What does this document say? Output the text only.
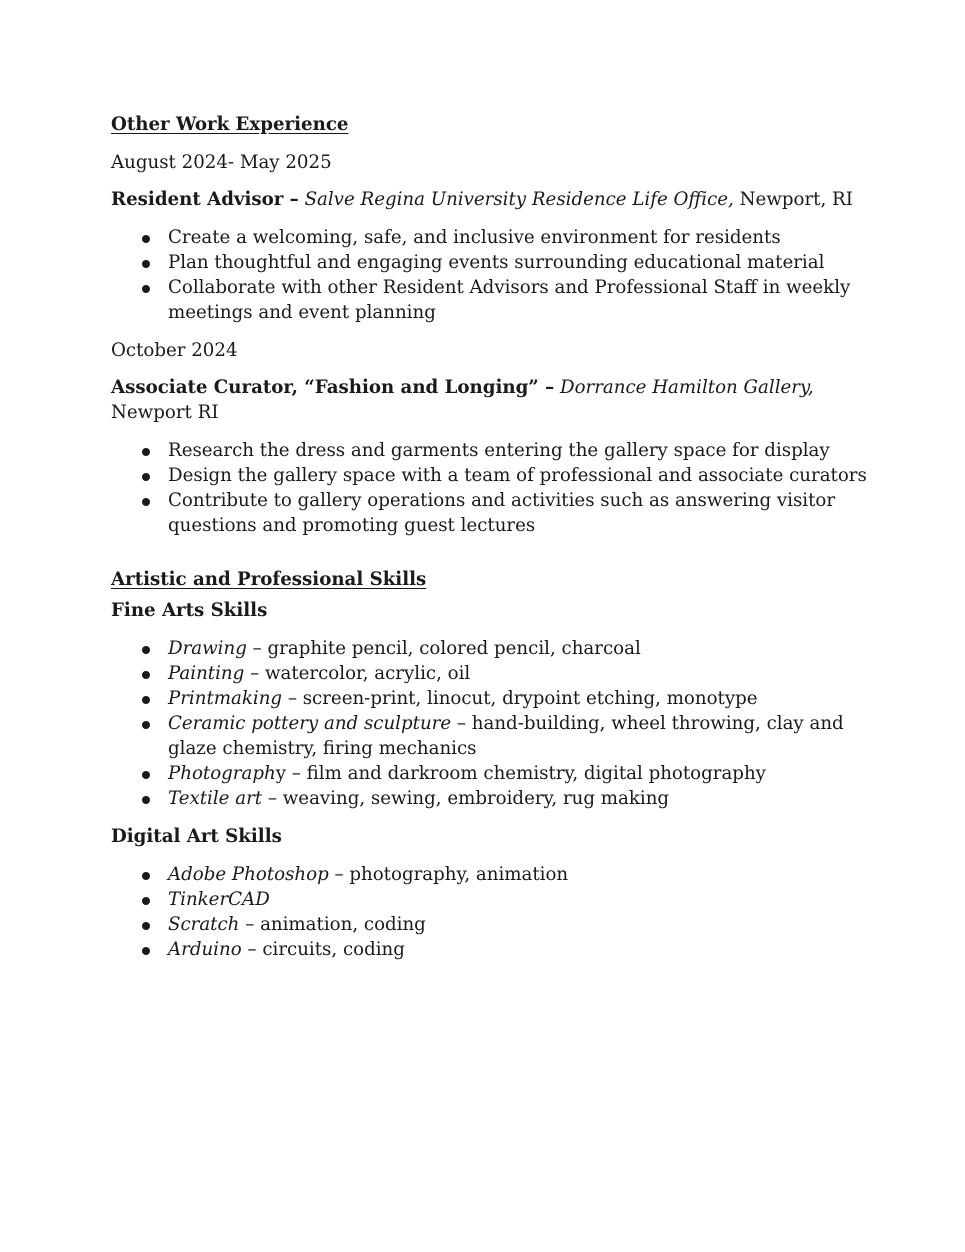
Other Work Experience

August 2024- May 2025

Resident Advisor – Salve Regina University Residence Life Office, Newport, RI

Create a welcoming, safe, and inclusive environment for residents
Plan thoughtful and engaging events surrounding educational material
Collaborate with other Resident Advisors and Professional Staff in weekly meetings and event planning

October 2024

Associate Curator, “Fashion and Longing” – Dorrance Hamilton Gallery, Newport RI

Research the dress and garments entering the gallery space for display
Design the gallery space with a team of professional and associate curators
Contribute to gallery operations and activities such as answering visitor questions and promoting guest lectures

Artistic and Professional Skills

Fine Arts Skills

Drawing – graphite pencil, colored pencil, charcoal
Painting – watercolor, acrylic, oil
Printmaking – screen-print, linocut, drypoint etching, monotype
Ceramic pottery and sculpture – hand-building, wheel throwing, clay and glaze chemistry, firing mechanics
Photography – film and darkroom chemistry, digital photography
Textile art – weaving, sewing, embroidery, rug making

Digital Art Skills

Adobe Photoshop – photography, animation
TinkerCAD
Scratch – animation, coding
Arduino – circuits, coding
